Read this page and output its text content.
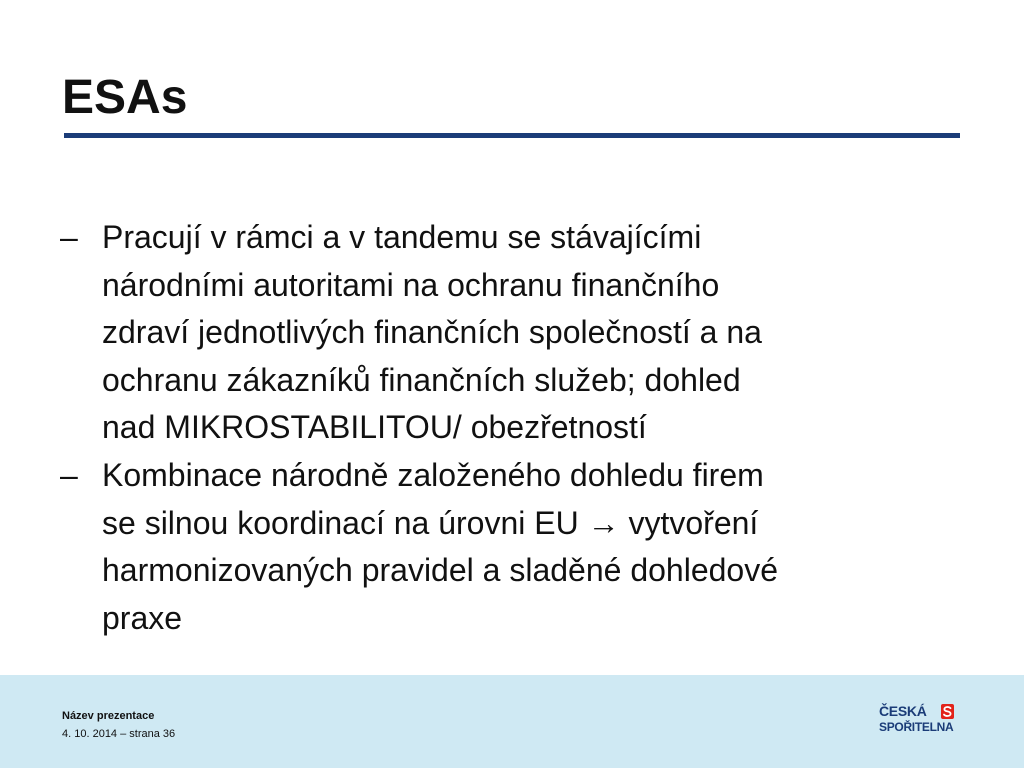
ESAs
– Pracují v rámci a v tandemu se stávajícími
národními autoritami na ochranu finančního
zdraví jednotlivých finančních společností a na
ochranu zákazníků finančních služeb; dohled
nad MIKROSTABILITOU/ obezřetností
– Kombinace národně založeného dohledu firem
se silnou koordinací na úrovni EU → vytvoření
harmonizovaných pravidel a sladěné dohledové
praxe
Název prezentace
4. 10. 2014 – strana 36
ČESKÁ
SPOŘITELNA
